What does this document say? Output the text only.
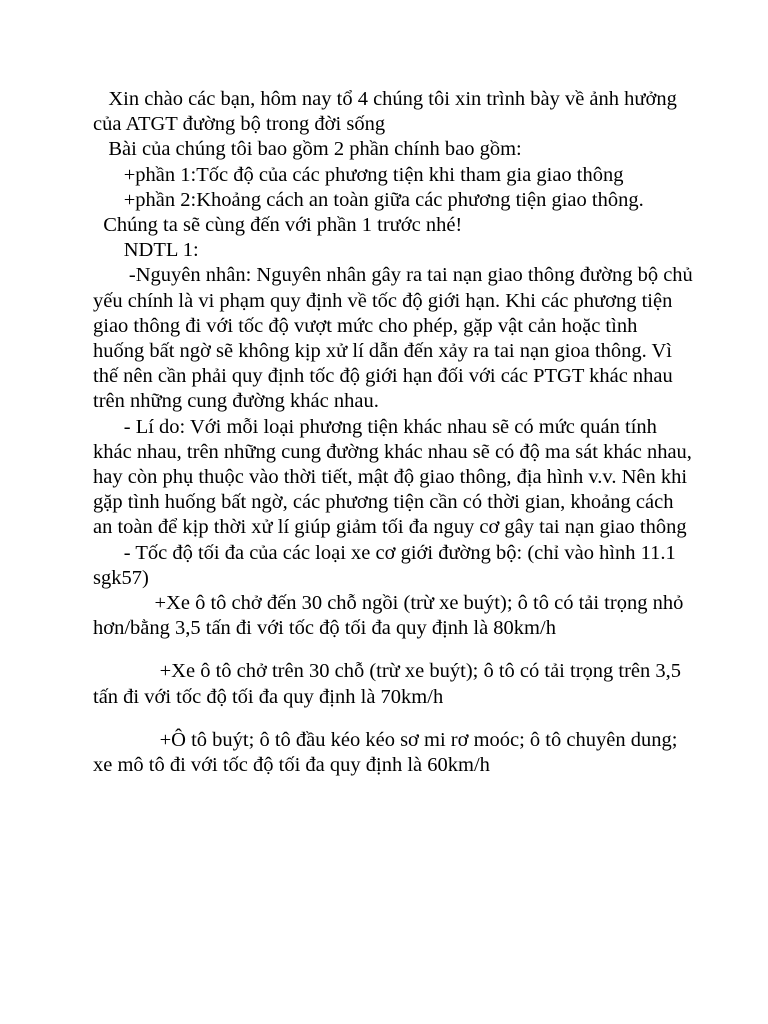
Xin chào các bạn, hôm nay tổ 4 chúng tôi xin trình bày về ảnh hưởng của ATGT đường bộ trong đời sống

Bài của chúng tôi bao gồm 2 phần chính bao gồm:

+phần 1:Tốc độ của các phương tiện khi tham gia giao thông

+phần 2:Khoảng cách an toàn giữa các phương tiện giao thông.

Chúng ta sẽ cùng đến với phần 1 trước nhé!

NDTL 1:

-Nguyên nhân: Nguyên nhân gây ra tai nạn giao thông đường bộ chủ yếu chính là vi phạm quy định về tốc độ giới hạn. Khi các phương tiện giao thông đi với tốc độ vượt mức cho phép, gặp vật cản hoặc tình huống bất ngờ sẽ không kịp xử lí dẫn đến xảy ra tai nạn gioa thông. Vì thế nên cần phải quy định tốc độ giới hạn đối với các PTGT khác nhau trên những cung đường khác nhau.

- Lí do: Với mỗi loại phương tiện khác nhau sẽ có mức quán tính khác nhau, trên những cung đường khác nhau sẽ có độ ma sát khác nhau, hay còn phụ thuộc vào thời tiết, mật độ giao thông, địa hình v.v. Nên khi gặp tình huống bất ngờ, các phương tiện cần có thời gian, khoảng cách an toàn để kịp thời xử lí giúp giảm tối đa nguy cơ gây tai nạn giao thông

- Tốc độ tối đa của các loại xe cơ giới đường bộ: (chỉ vào hình 11.1 sgk57)

+Xe ô tô chở đến 30 chỗ ngồi (trừ xe buýt); ô tô có tải trọng nhỏ hơn/bằng 3,5 tấn đi với tốc độ tối đa quy định là 80km/h

+Xe ô tô chở trên 30 chỗ (trừ xe buýt); ô tô có tải trọng trên 3,5 tấn đi với tốc độ tối đa quy định là 70km/h

+Ô tô buýt; ô tô đầu kéo kéo sơ mi rơ moóc; ô tô chuyên dung; xe mô tô đi với tốc độ tối đa quy định là 60km/h
